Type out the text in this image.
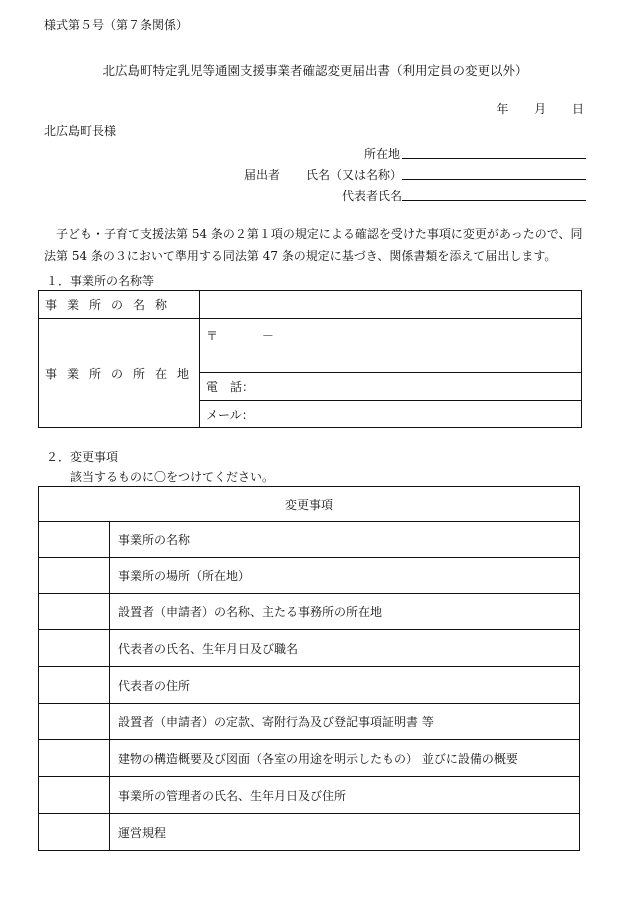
様式第５号（第７条関係）
北広島町特定乳児等通園支援事業者確認変更届出書（利用定員の変更以外）
年 月 日
北広島町長様
所在地
届出者 氏名（又は名称）
代表者氏名
子ども・子育て支援法第 54 条の２第１項の規定による確認を受けた事項に変更があったので、同法第 54 条の３において準用する同法第 47 条の規定に基づき、関係書類を添えて届出します。
１．事業所の名称等
事業所の名称	
事業所の所在地	〒 －
	電　話：
	メール：
２．変更事項
該当するものに〇をつけてください。
変更事項	
	事業所の名称
	事業所の場所（所在地）
	設置者（申請者）の名称、主たる事務所の所在地
	代表者の氏名、生年月日及び職名
	代表者の住所
	設置者（申請者）の定款、寄附行為及び登記事項証明書 等
	建物の構造概要及び図面（各室の用途を明示したもの） 並びに設備の概要
	事業所の管理者の氏名、生年月日及び住所
	運営規程
